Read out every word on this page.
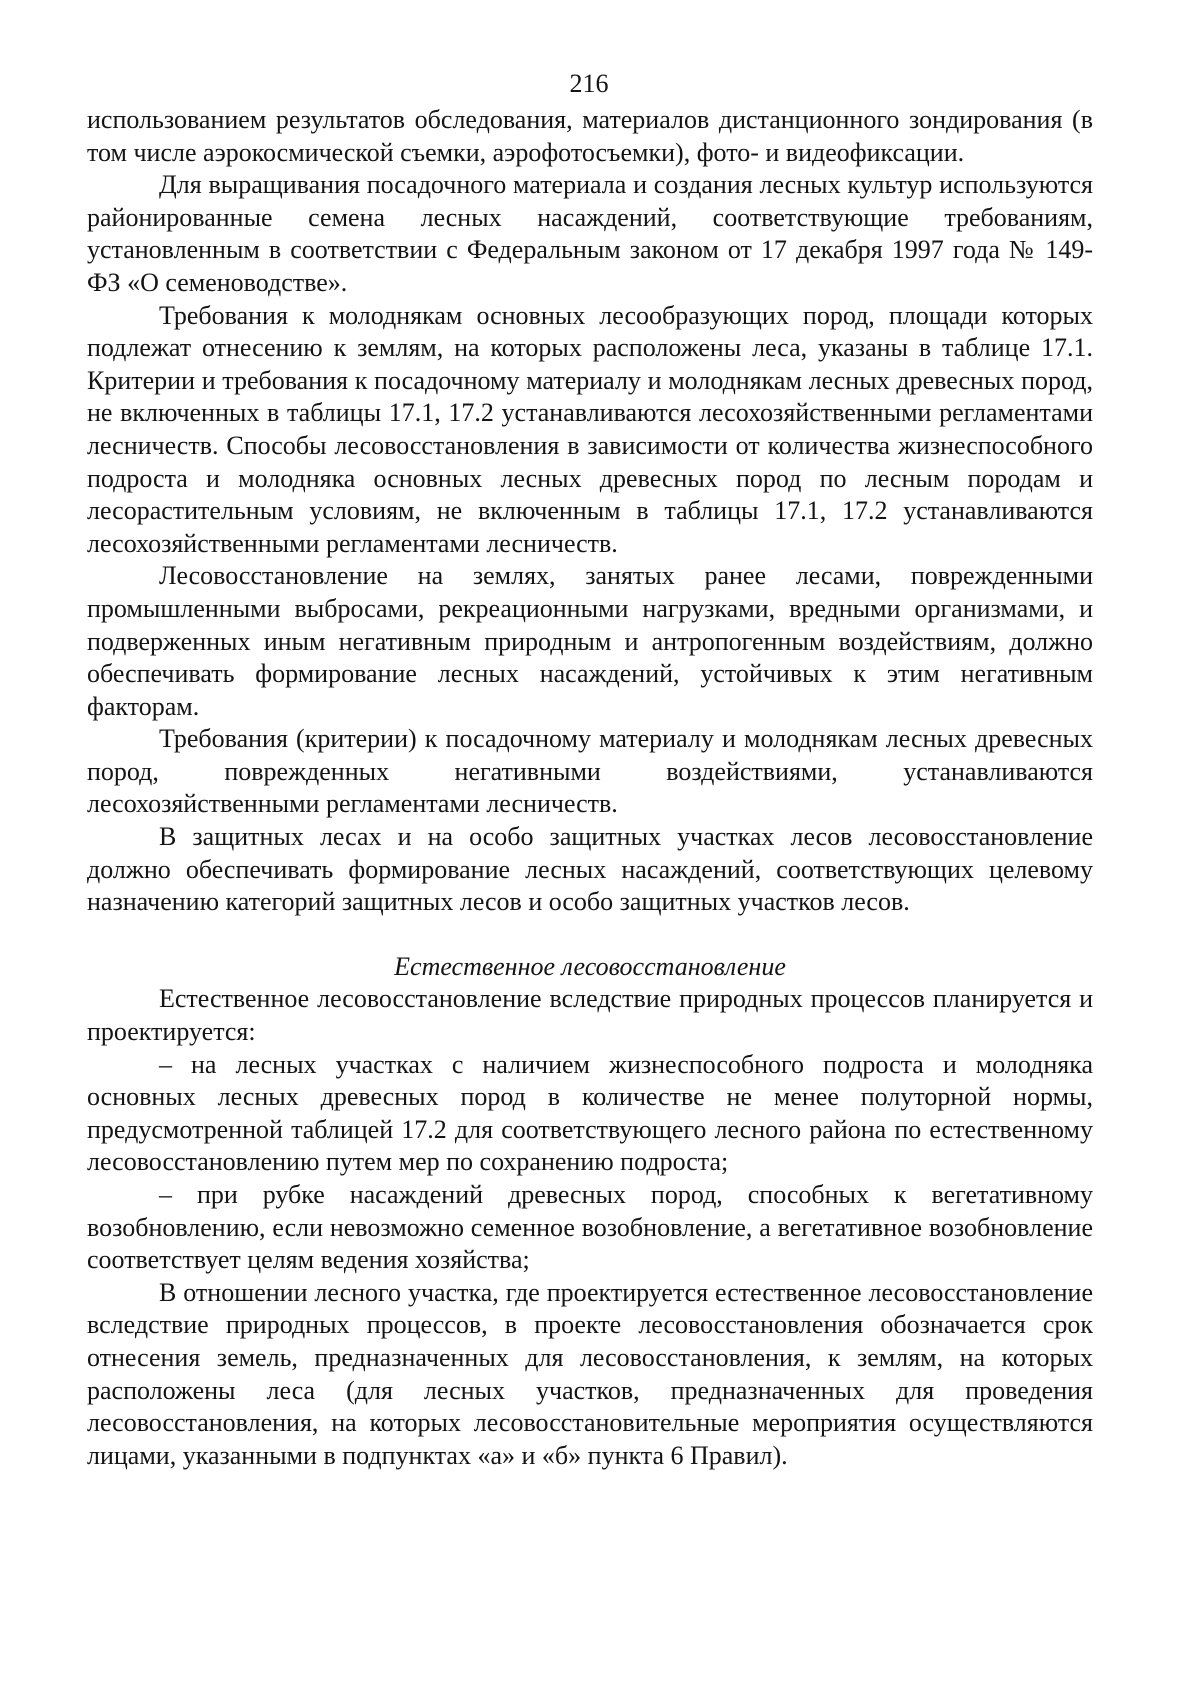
216

использованием результатов обследования, материалов дистанционного зондирования (в том числе аэрокосмической съемки, аэрофотосъемки), фото- и видеофиксации.

Для выращивания посадочного материала и создания лесных культур используются районированные семена лесных насаждений, соответствующие требованиям, установленным в соответствии с Федеральным законом от 17 декабря 1997 года № 149-ФЗ «О семеноводстве».

Требования к молоднякам основных лесообразующих пород, площади которых подлежат отнесению к землям, на которых расположены леса, указаны в таблице 17.1. Критерии и требования к посадочному материалу и молоднякам лесных древесных пород, не включенных в таблицы 17.1, 17.2 устанавливаются лесохозяйственными регламентами лесничеств. Способы лесовосстановления в зависимости от количества жизнеспособного подроста и молодняка основных лесных древесных пород по лесным породам и лесорастительным условиям, не включенным в таблицы 17.1, 17.2 устанавливаются лесохозяйственными регламентами лесничеств.

Лесовосстановление на землях, занятых ранее лесами, поврежденными промышленными выбросами, рекреационными нагрузками, вредными организмами, и подверженных иным негативным природным и антропогенным воздействиям, должно обеспечивать формирование лесных насаждений, устойчивых к этим негативным факторам.

Требования (критерии) к посадочному материалу и молоднякам лесных древесных пород, поврежденных негативными воздействиями, устанавливаются лесохозяйственными регламентами лесничеств.

В защитных лесах и на особо защитных участках лесов лесовосстановление должно обеспечивать формирование лесных насаждений, соответствующих целевому назначению категорий защитных лесов и особо защитных участков лесов.

Естественное лесовосстановление

Естественное лесовосстановление вследствие природных процессов планируется и проектируется:

– на лесных участках с наличием жизнеспособного подроста и молодняка основных лесных древесных пород в количестве не менее полуторной нормы, предусмотренной таблицей 17.2 для соответствующего лесного района по естественному лесовосстановлению путем мер по сохранению подроста;

– при рубке насаждений древесных пород, способных к вегетативному возобновлению, если невозможно семенное возобновление, а вегетативное возобновление соответствует целям ведения хозяйства;

В отношении лесного участка, где проектируется естественное лесовосстановление вследствие природных процессов, в проекте лесовосстановления обозначается срок отнесения земель, предназначенных для лесовосстановления, к землям, на которых расположены леса (для лесных участков, предназначенных для проведения лесовосстановления, на которых лесовосстановительные мероприятия осуществляются лицами, указанными в подпунктах «а» и «б» пункта 6 Правил).
